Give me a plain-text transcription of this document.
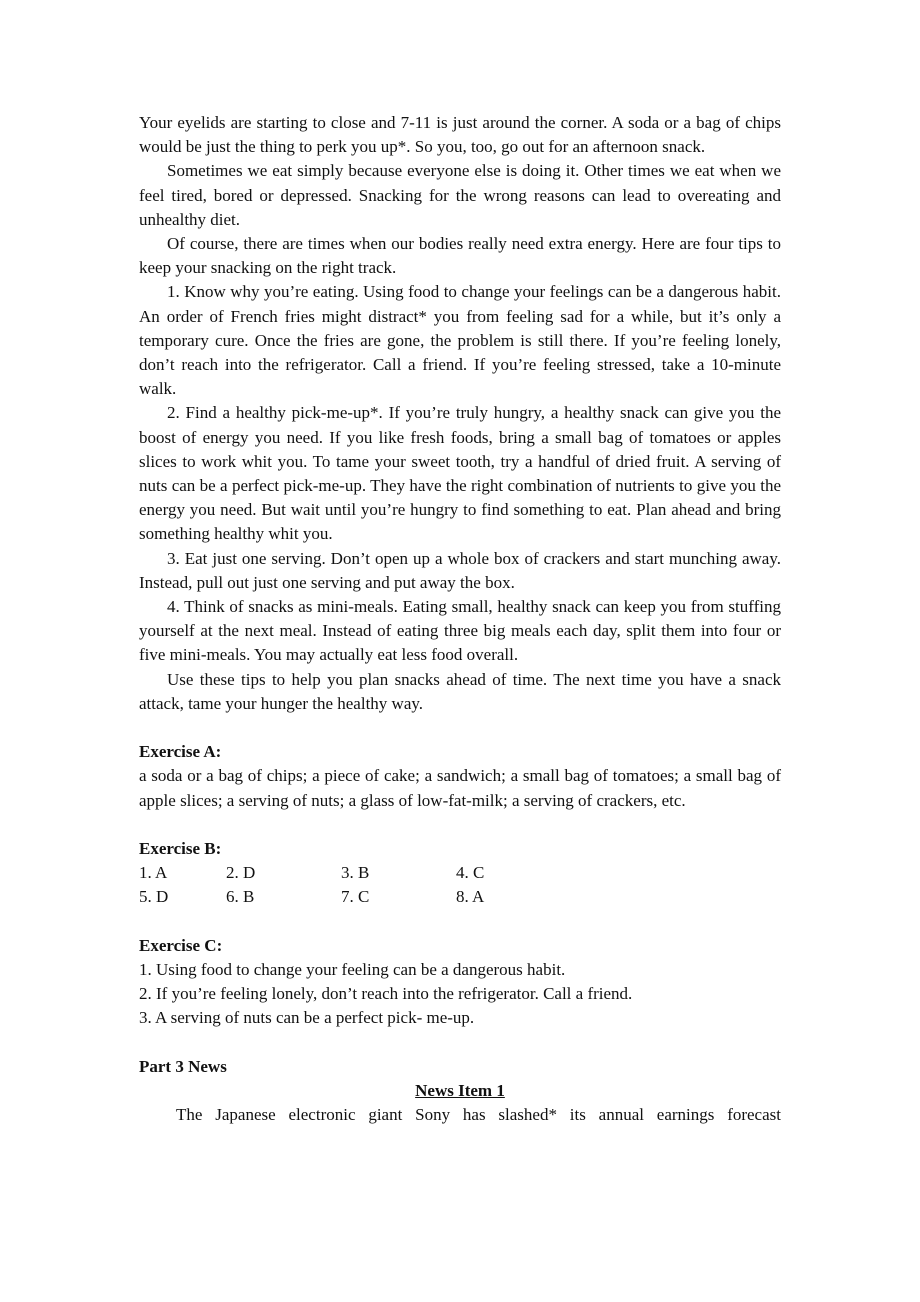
Your eyelids are starting to close and 7-11 is just around the corner. A soda or a bag of chips would be just the thing to perk you up*. So you, too, go out for an afternoon snack.

Sometimes we eat simply because everyone else is doing it. Other times we eat when we feel tired, bored or depressed. Snacking for the wrong reasons can lead to overeating and unhealthy diet.

Of course, there are times when our bodies really need extra energy. Here are four tips to keep your snacking on the right track.

1. Know why you’re eating. Using food to change your feelings can be a dangerous habit. An order of French fries might distract* you from feeling sad for a while, but it’s only a temporary cure. Once the fries are gone, the problem is still there. If you’re feeling lonely, don’t reach into the refrigerator. Call a friend. If you’re feeling stressed, take a 10-minute walk.

2. Find a healthy pick-me-up*. If you’re truly hungry, a healthy snack can give you the boost of energy you need. If you like fresh foods, bring a small bag of tomatoes or apples slices to work whit you. To tame your sweet tooth, try a handful of dried fruit. A serving of nuts can be a perfect pick-me-up. They have the right combination of nutrients to give you the energy you need. But wait until you’re hungry to find something to eat. Plan ahead and bring something healthy whit you.

3. Eat just one serving. Don’t open up a whole box of crackers and start munching away. Instead, pull out just one serving and put away the box.

4. Think of snacks as mini-meals. Eating small, healthy snack can keep you from stuffing yourself at the next meal. Instead of eating three big meals each day, split them into four or five mini-meals. You may actually eat less food overall.

Use these tips to help you plan snacks ahead of time. The next time you have a snack attack, tame your hunger the healthy way.

Exercise A:

a soda or a bag of chips; a piece of cake; a sandwich; a small bag of tomatoes; a small bag of apple slices; a serving of nuts; a glass of low-fat-milk; a serving of crackers, etc.

Exercise B:

1. A	2. D	3. B	4. C
5. D	6. B	7. C	8. A

Exercise C:

1. Using food to change your feeling can be a dangerous habit.

2. If you’re feeling lonely, don’t reach into the refrigerator. Call a friend.

3. A serving of nuts can be a perfect pick- me-up.

Part 3 News

News Item 1

The Japanese electronic giant Sony has slashed* its annual earnings forecast
